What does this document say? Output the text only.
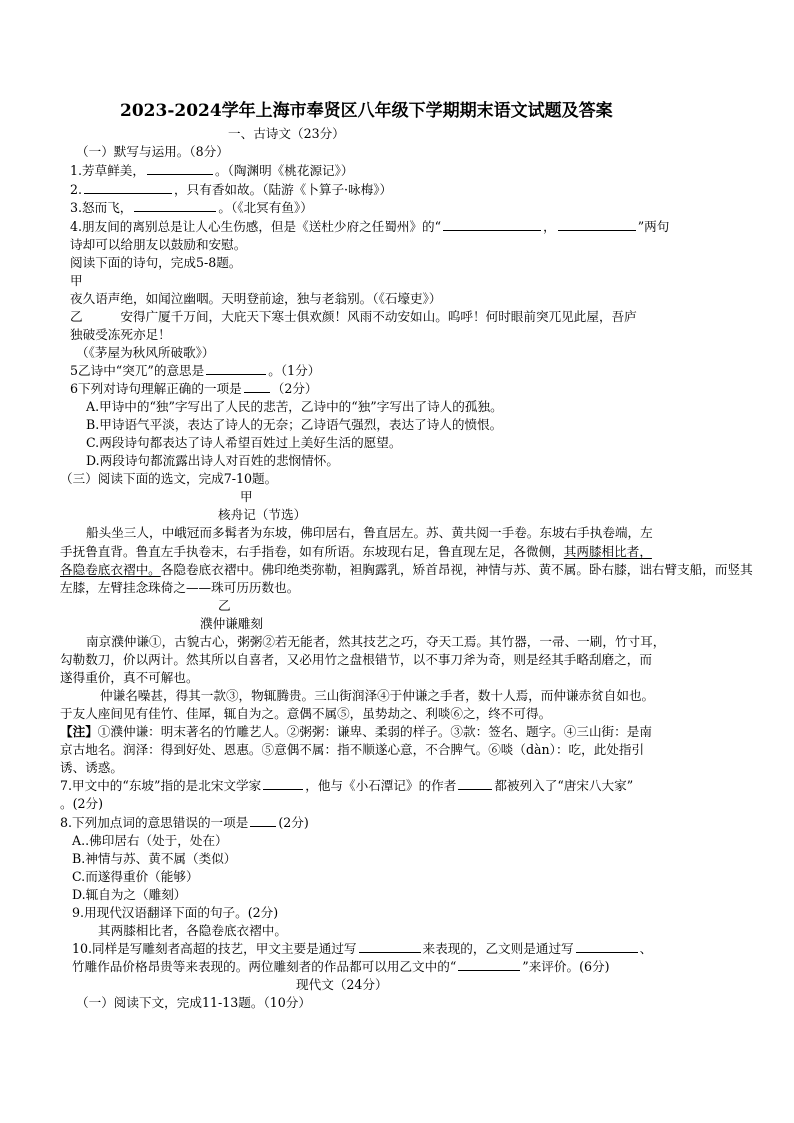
2023-2024学年上海市奉贤区八年级下学期期末语文试题及答案
一、古诗文（23分）
（一）默写与运用。（8分）
1.芳草鲜美，	。（陶渊明《桃花源记》）
2.	，只有香如故。（陆游《卜算子·咏梅》）
3.怒而飞，	。（《北冥有鱼》）
4.朋友间的离别总是让人心生伤感，但是《送杜少府之任蜀州》的“	，	”两句
诗却可以给朋友以鼓励和安慰。
阅读下面的诗句，完成5-8题。
甲
夜久语声绝，如闻泣幽咽。天明登前途，独与老翁别。（《石壕吏》）
乙　　　安得广厦千万间，大庇天下寒士俱欢颜！风雨不动安如山。呜呼！何时眼前突兀见此屋，吾庐
独破受冻死亦足！
（《茅屋为秋风所破歌》）
5乙诗中“突兀”的意思是	。（1分）
6下列对诗句理解正确的一项是 （2分）
A.甲诗中的“独”字写出了人民的悲苦，乙诗中的“独”字写出了诗人的孤独。
B.甲诗语气平淡，表达了诗人的无奈；乙诗语气强烈，表达了诗人的愤恨。
C.两段诗句都表达了诗人希望百姓过上美好生活的愿望。
D.两段诗句都流露出诗人对百姓的悲悯情怀。
（三）阅读下面的选文，完成7-10题。
甲
核舟记（节选）
船头坐三人，中峨冠而多髯者为东坡，佛印居右，鲁直居左。苏、黄共阅一手卷。东坡右手执卷端，左
手抚鲁直背。鲁直左手执卷末，右手指卷，如有所语。东坡现右足，鲁直现左足，各微侧，其两膝相比者，
各隐卷底衣褶中。各隐卷底衣褶中。佛印绝类弥勒，袒胸露乳，矫首昂视，神情与苏、黄不属。卧右膝，诎右臂支船，而竖其
左膝，左臂挂念珠倚之——珠可历历数也。
乙
濮仲谦雕刻
南京濮仲谦①，古貌古心，粥粥②若无能者，然其技艺之巧，夺天工焉。其竹器，一帚、一刷，竹寸耳，
勾勒数刀，价以两计。然其所以自喜者，又必用竹之盘根错节，以不事刀斧为奇，则是经其手略刮磨之，而
遂得重价，真不可解也。
仲谦名噪甚，得其一款③，物辄腾贵。三山街润泽④于仲谦之手者，数十人焉，而仲谦赤贫自如也。
于友人座间见有佳竹、佳犀，辄自为之。意偶不属⑤，虽势劫之、利啖⑥之，终不可得。
【注】①濮仲谦：明末著名的竹雕艺人。②粥粥：谦卑、柔弱的样子。③款：签名、题字。④三山街：是南
京古地名。润泽：得到好处、恩惠。⑤意偶不属：指不顺遂心意，不合脾气。⑥啖（dàn）：吃，此处指引
诱、诱惑。
7.甲文中的“东坡”指的是北宋文学家	，他与《小石潭记》的作者	都被列入了“唐宋八大家”
。(2分)
8.下列加点词的意思错误的一项是 (2分)
A..佛印居右（处于，处在）
B.神情与苏、黄不属（类似）
C.而遂得重价（能够）
D.辄自为之（雕刻）
9.用现代汉语翻译下面的句子。(2分)
其两膝相比者，各隐卷底衣褶中。
10.同样是写雕刻者高超的技艺，甲文主要是通过写	来表现的，乙文则是通过写	、
竹雕作品价格昂贵等来表现的。两位雕刻者的作品都可以用乙文中的“	”来评价。(6分)
现代文（24分）
（一）阅读下文，完成11-13题。（10分）
